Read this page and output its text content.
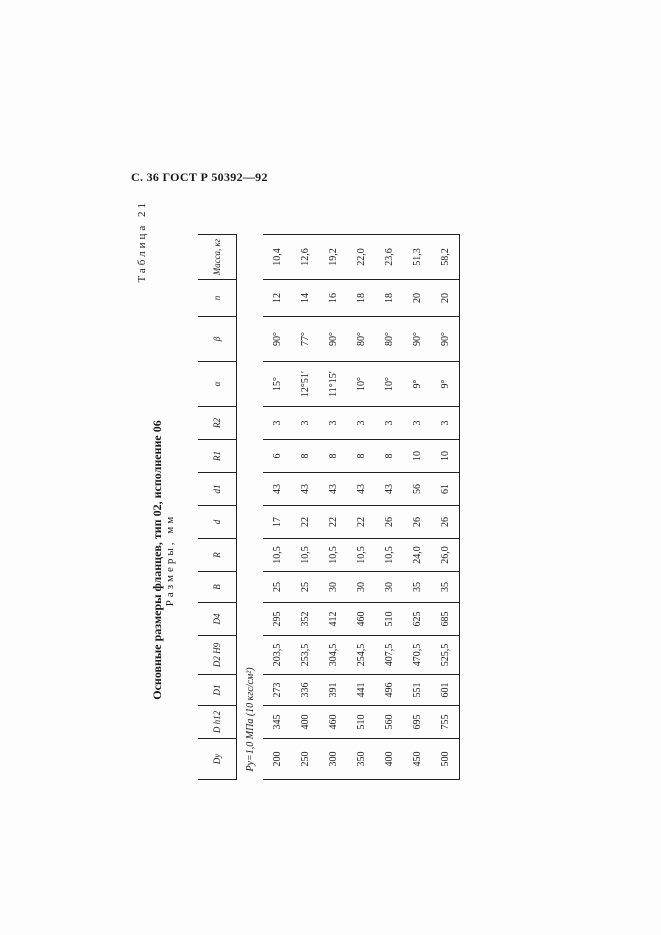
С. 36 ГОСТ Р 50392—92
Таблица 21
Основные размеры фланцев, тип 02, исполнение 06 Размеры, мм
Dу	D h12	D1	D2 H9	D4	B	R	d	d1	R1	R2	α	β	n	Масса, кг
Pу=1,0 МПа (10 кгс/см²)														
200	345	273	203,5	295	25	10,5	17	43	6	3	15°	90°	12	10,4
250	400	336	253,5	352	25	10,5	22	43	8	3	12°51′	77°	14	12,6
300	460	391	304,5	412	30	10,5	22	43	8	3	11°15′	90°	16	19,2
350	510	441	254,5	460	30	10,5	22	43	8	3	10°	80°	18	22,0
400	560	496	407,5	510	30	10,5	26	43	8	3	10°	80°	18	23,6
450	695	551	470,5	625	35	24,0	26	56	10	3	9°	90°	20	51,3
500	755	601	525,5	685	35	26,0	26	61	10	3	9°	90°	20	58,2
